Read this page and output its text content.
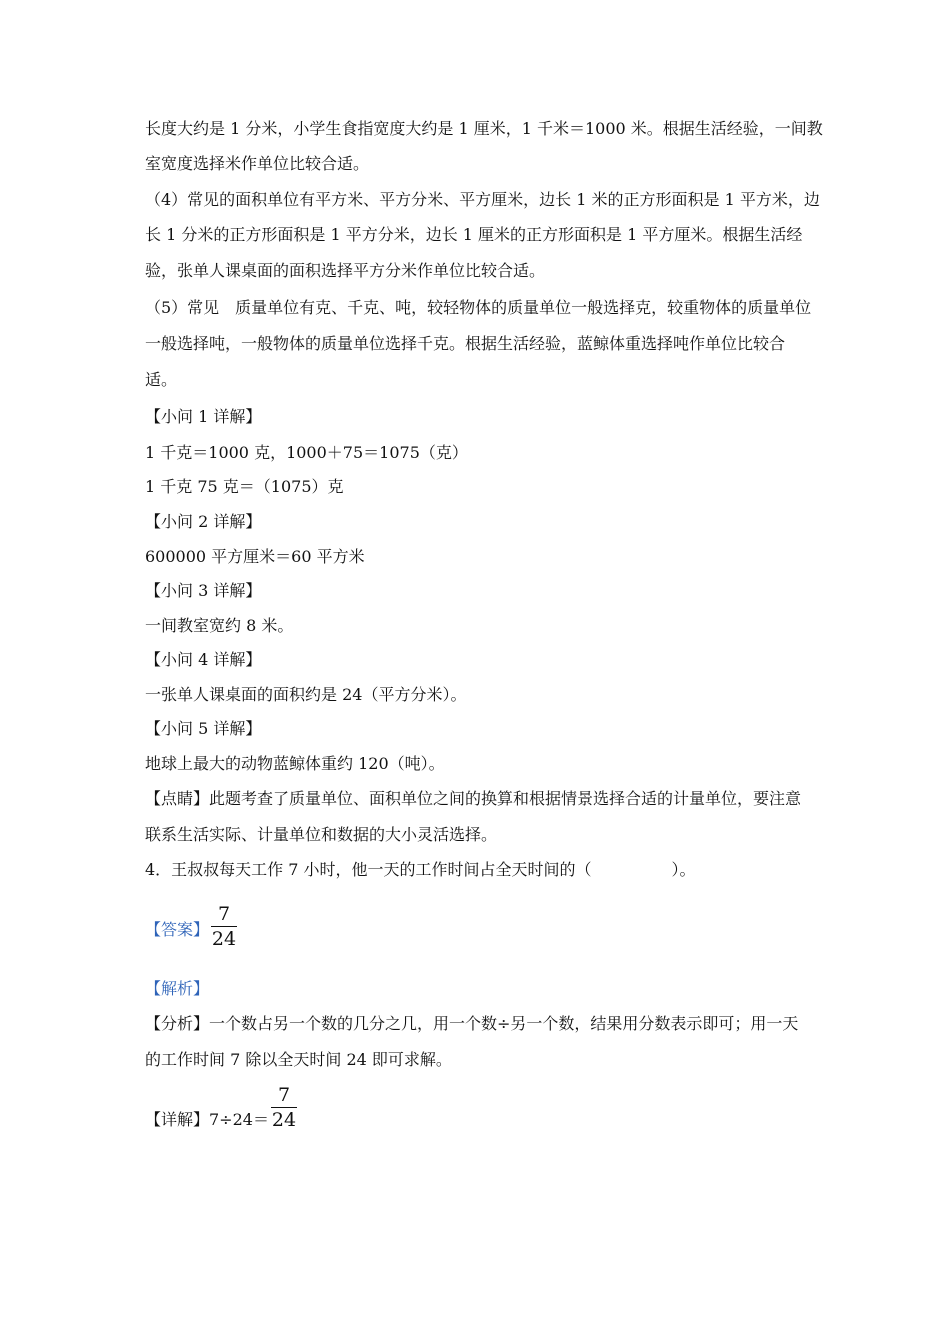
长度大约是 1 分米，小学生食指宽度大约是 1 厘米，1 千米＝1000 米。根据生活经验，一间教
室宽度选择米作单位比较合适。
（4）常见的面积单位有平方米、平方分米、平方厘米，边长 1 米的正方形面积是 1 平方米，边
长 1 分米的正方形面积是 1 平方分米，边长 1 厘米的正方形面积是 1 平方厘米。根据生活经
验，张单人课桌面的面积选择平方分米作单位比较合适。
（5）常见　质量单位有克、千克、吨，较轻物体的质量单位一般选择克，较重物体的质量单位
一般选择吨，一般物体的质量单位选择千克。根据生活经验，蓝鲸体重选择吨作单位比较合
适。
【小问 1 详解】
1 千克＝1000 克，1000＋75＝1075（克）
1 千克 75 克＝（1075）克
【小问 2 详解】
600000 平方厘米＝60 平方米
【小问 3 详解】
一间教室宽约 8 米。
【小问 4 详解】
一张单人课桌面的面积约是 24（平方分米）。
【小问 5 详解】
地球上最大的动物蓝鲸体重约 120（吨）。
【点睛】此题考查了质量单位、面积单位之间的换算和根据情景选择合适的计量单位，要注意
联系生活实际、计量单位和数据的大小灵活选择。
4．王叔叔每天工作 7 小时，他一天的工作时间占全天时间的（　　　　　）。
【答案】
7
24
【解析】
【分析】一个数占另一个数的几分之几，用一个数÷另一个数，结果用分数表示即可；用一天
的工作时间 7 除以全天时间 24 即可求解。
【详解】7÷24＝
7
24
